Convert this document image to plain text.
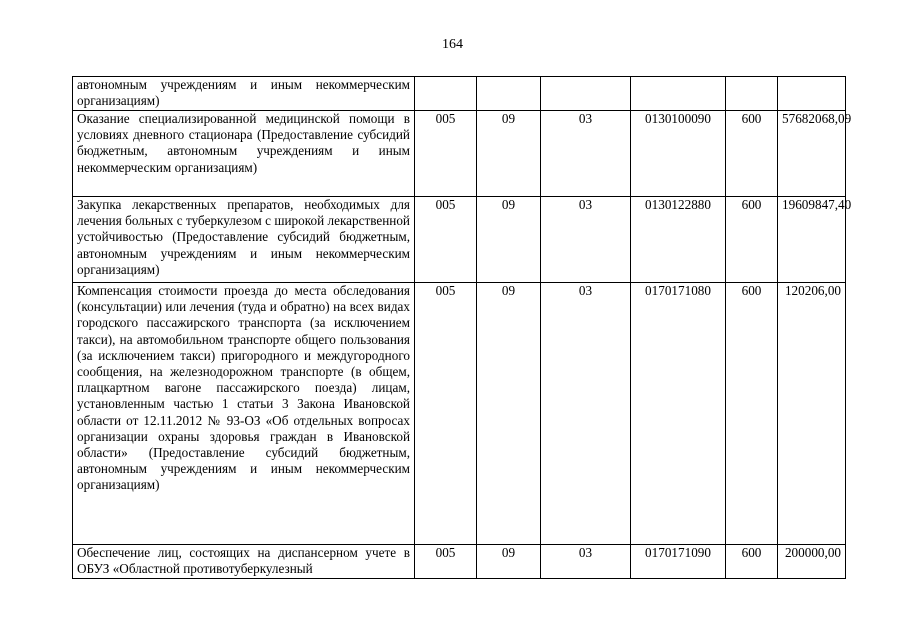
164
автономным учреждениям и иным некоммерческим организациям)						
Оказание специализированной медицинской помощи в условиях дневного стационара (Предоставление субсидий бюджетным, автономным учреждениям и иным некоммерческим организациям)	005	09	03	0130100090	600	57682068,09
Закупка лекарственных препаратов, необходимых для лечения больных с туберкулезом с широкой лекарственной устойчивостью (Предоставление субсидий бюджетным, автономным учреждениям и иным некоммерческим организациям)	005	09	03	0130122880	600	19609847,40
Компенсация стоимости проезда до места обследования (консультации) или лечения (туда и обратно) на всех видах городского пассажирского транспорта (за исключением такси), на автомобильном транспорте общего пользования (за исключением такси) пригородного и междугородного сообщения, на железнодорожном транспорте (в общем, плацкартном вагоне пассажирского поезда) лицам, установленным частью 1 статьи 3 Закона Ивановской области от 12.11.2012 № 93-ОЗ «Об отдельных вопросах организации охраны здоровья граждан в Ивановской области» (Предоставление субсидий бюджетным, автономным учреждениям и иным некоммерческим организациям)	005	09	03	0170171080	600	120206,00

Обеспечение лиц, состоящих на диспансерном учете в ОБУЗ «Областной противотуберкулезный	005	09	03	0170171090	600	200000,00
